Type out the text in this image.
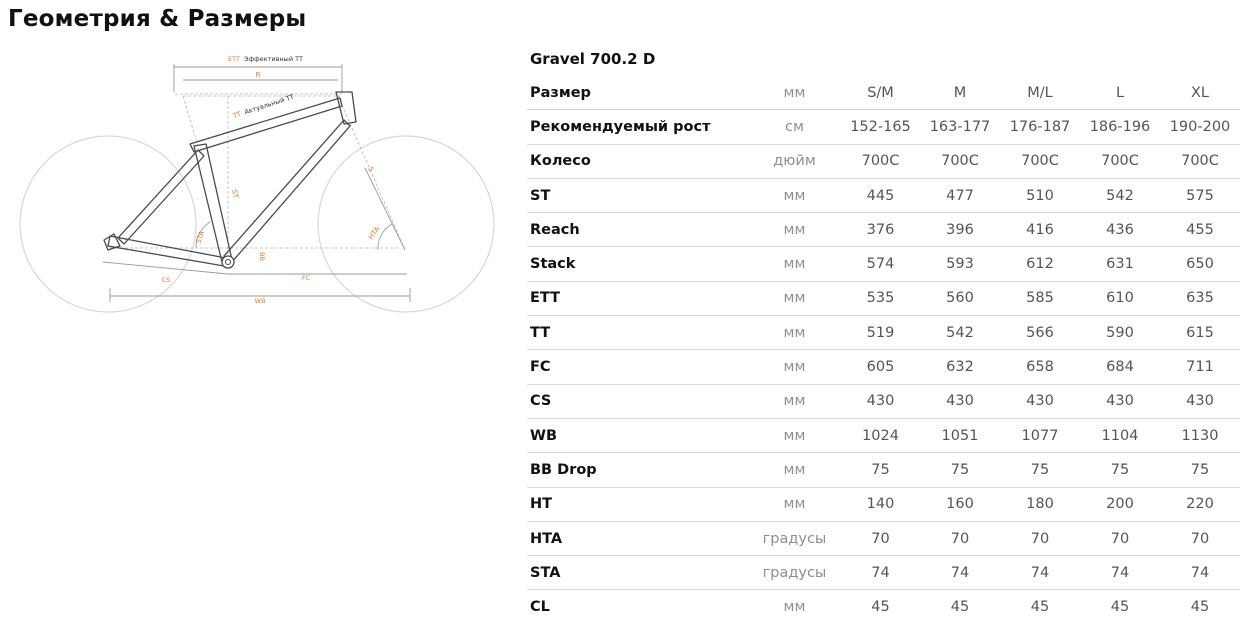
Геометрия & Размеры
ETT Эффективный TT
R
TT Актуальный TT
S
ST
HTA
STA
BB
CS	FC
WB
Gravel 700.2 D
Размер	мм	S/M	M	M/L	L	XL
Рекомендуемый рост	см	152-165	163-177	176-187	186-196	190-200
Колесо	дюйм	700C	700C	700C	700C	700C
ST	мм	445	477	510	542	575
Reach	мм	376	396	416	436	455
Stack	мм	574	593	612	631	650
ETT	мм	535	560	585	610	635
TT	мм	519	542	566	590	615
FC	мм	605	632	658	684	711
CS	мм	430	430	430	430	430
WB	мм	1024	1051	1077	1104	1130
BB Drop	мм	75	75	75	75	75
HT	мм	140	160	180	200	220
HTA	градусы	70	70	70	70	70
STA	градусы	74	74	74	74	74
CL	мм	45	45	45	45	45
